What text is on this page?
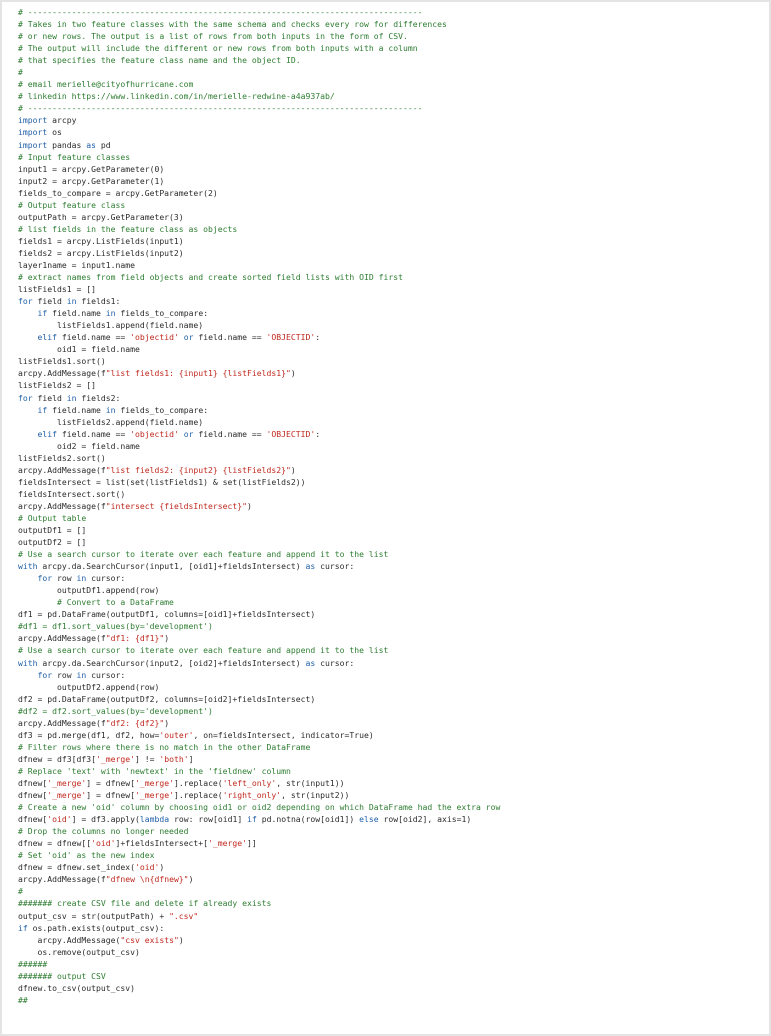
# ---------------------------------------------------------------------------------
# Takes in two feature classes with the same schema and checks every row for differences
# or new rows. The output is a list of rows from both inputs in the form of CSV.
# The output will include the different or new rows from both inputs with a column
# that specifies the feature class name and the object ID.
#
# email merielle@cityofhurricane.com
# linkedin https://www.linkedin.com/in/merielle-redwine-a4a937ab/
# ---------------------------------------------------------------------------------
import arcpy
import os
import pandas as pd
# Input feature classes
input1 = arcpy.GetParameter(0)
input2 = arcpy.GetParameter(1)
fields_to_compare = arcpy.GetParameter(2)
# Output feature class
outputPath = arcpy.GetParameter(3)
# list fields in the feature class as objects
fields1 = arcpy.ListFields(input1)
fields2 = arcpy.ListFields(input2)
layer1name = input1.name
# extract names from field objects and create sorted field lists with OID first
listFields1 = []
for field in fields1:
if field.name in fields_to_compare:
listFields1.append(field.name)
elif field.name == 'objectid' or field.name == 'OBJECTID':
oid1 = field.name
listFields1.sort()
arcpy.AddMessage(f"list fields1: {input1} {listFields1}")
listFields2 = []
for field in fields2:
if field.name in fields_to_compare:
listFields2.append(field.name)
elif field.name == 'objectid' or field.name == 'OBJECTID':
oid2 = field.name
listFields2.sort()
arcpy.AddMessage(f"list fields2: {input2} {listFields2}")
fieldsIntersect = list(set(listFields1) & set(listFields2))
fieldsIntersect.sort()
arcpy.AddMessage(f"intersect {fieldsIntersect}")
# Output table
outputDf1 = []
outputDf2 = []
# Use a search cursor to iterate over each feature and append it to the list
with arcpy.da.SearchCursor(input1, [oid1]+fieldsIntersect) as cursor:
for row in cursor:
outputDf1.append(row)
# Convert to a DataFrame
df1 = pd.DataFrame(outputDf1, columns=[oid1]+fieldsIntersect)
#df1 = df1.sort_values(by='development')
arcpy.AddMessage(f"df1: {df1}")
# Use a search cursor to iterate over each feature and append it to the list
with arcpy.da.SearchCursor(input2, [oid2]+fieldsIntersect) as cursor:
for row in cursor:
outputDf2.append(row)
df2 = pd.DataFrame(outputDf2, columns=[oid2]+fieldsIntersect)
#df2 = df2.sort_values(by='development')
arcpy.AddMessage(f"df2: {df2}")
df3 = pd.merge(df1, df2, how='outer', on=fieldsIntersect, indicator=True)
# Filter rows where there is no match in the other DataFrame
dfnew = df3[df3['_merge'] != 'both']
# Replace 'text' with 'newtext' in the 'fieldnew' column
dfnew['_merge'] = dfnew['_merge'].replace('left_only', str(input1))
dfnew['_merge'] = dfnew['_merge'].replace('right_only', str(input2))
# Create a new 'oid' column by choosing oid1 or oid2 depending on which DataFrame had the extra row
dfnew['oid'] = df3.apply(lambda row: row[oid1] if pd.notna(row[oid1]) else row[oid2], axis=1)
# Drop the columns no longer needed
dfnew = dfnew[['oid']+fieldsIntersect+['_merge']]
# Set 'oid' as the new index
dfnew = dfnew.set_index('oid')
arcpy.AddMessage(f"dfnew \n{dfnew}")
#
####### create CSV file and delete if already exists
output_csv = str(outputPath) + ".csv"
if os.path.exists(output_csv):
arcpy.AddMessage("csv exists")
os.remove(output_csv)
######
####### output CSV
dfnew.to_csv(output_csv)
##
